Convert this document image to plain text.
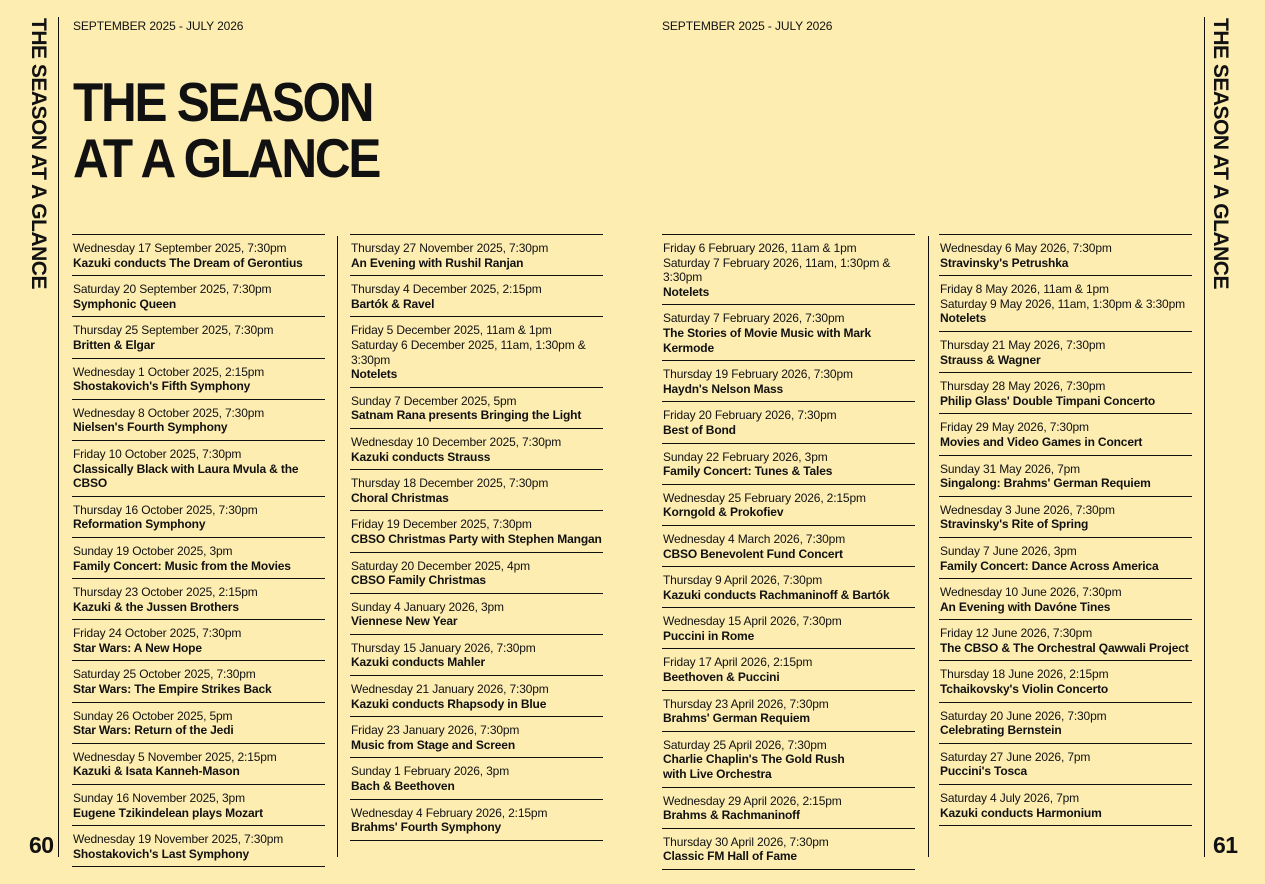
THE SEASON AT A GLANCE
60
SEPTEMBER 2025 - JULY 2026
THE SEASON
AT A GLANCE
Wednesday 17 September 2025, 7:30pm
Kazuki conducts The Dream of Gerontius
Saturday 20 September 2025, 7:30pm
Symphonic Queen
Thursday 25 September 2025, 7:30pm
Britten & Elgar
Wednesday 1 October 2025, 2:15pm
Shostakovich's Fifth Symphony
Wednesday 8 October 2025, 7:30pm
Nielsen's Fourth Symphony
Friday 10 October 2025, 7:30pm
Classically Black with Laura Mvula & the CBSO
Thursday 16 October 2025, 7:30pm
Reformation Symphony
Sunday 19 October 2025, 3pm
Family Concert: Music from the Movies
Thursday 23 October 2025, 2:15pm
Kazuki & the Jussen Brothers
Friday 24 October 2025, 7:30pm
Star Wars: A New Hope
Saturday 25 October 2025, 7:30pm
Star Wars: The Empire Strikes Back
Sunday 26 October 2025, 5pm
Star Wars: Return of the Jedi
Wednesday 5 November 2025, 2:15pm
Kazuki & Isata Kanneh-Mason
Sunday 16 November 2025, 3pm
Eugene Tzikindelean plays Mozart
Wednesday 19 November 2025, 7:30pm
Shostakovich's Last Symphony
Thursday 27 November 2025, 7:30pm
An Evening with Rushil Ranjan
Thursday 4 December 2025, 2:15pm
Bartók & Ravel
Friday 5 December 2025, 11am & 1pm
Saturday 6 December 2025, 11am, 1:30pm & 3:30pm
Notelets
Sunday 7 December 2025, 5pm
Satnam Rana presents Bringing the Light
Wednesday 10 December 2025, 7:30pm
Kazuki conducts Strauss
Thursday 18 December 2025, 7:30pm
Choral Christmas
Friday 19 December 2025, 7:30pm
CBSO Christmas Party with Stephen Mangan
Saturday 20 December 2025, 4pm
CBSO Family Christmas
Sunday 4 January 2026, 3pm
Viennese New Year
Thursday 15 January 2026, 7:30pm
Kazuki conducts Mahler
Wednesday 21 January 2026, 7:30pm
Kazuki conducts Rhapsody in Blue
Friday 23 January 2026, 7:30pm
Music from Stage and Screen
Sunday 1 February 2026, 3pm
Bach & Beethoven
Wednesday 4 February 2026, 2:15pm
Brahms' Fourth Symphony
SEPTEMBER 2025 - JULY 2026
Friday 6 February 2026, 11am & 1pm
Saturday 7 February 2026, 11am, 1:30pm & 3:30pm
Notelets
Saturday 7 February 2026, 7:30pm
The Stories of Movie Music with Mark Kermode
Thursday 19 February 2026, 7:30pm
Haydn's Nelson Mass
Friday 20 February 2026, 7:30pm
Best of Bond
Sunday 22 February 2026, 3pm
Family Concert: Tunes & Tales
Wednesday 25 February 2026, 2:15pm
Korngold & Prokofiev
Wednesday 4 March 2026, 7:30pm
CBSO Benevolent Fund Concert
Thursday 9 April 2026, 7:30pm
Kazuki conducts Rachmaninoff & Bartók
Wednesday 15 April 2026, 7:30pm
Puccini in Rome
Friday 17 April 2026, 2:15pm
Beethoven & Puccini
Thursday 23 April 2026, 7:30pm
Brahms' German Requiem
Saturday 25 April 2026, 7:30pm
Charlie Chaplin's The Gold Rush
with Live Orchestra
Wednesday 29 April 2026, 2:15pm
Brahms & Rachmaninoff
Thursday 30 April 2026, 7:30pm
Classic FM Hall of Fame
Wednesday 6 May 2026, 7:30pm
Stravinsky's Petrushka
Friday 8 May 2026, 11am & 1pm
Saturday 9 May 2026, 11am, 1:30pm & 3:30pm
Notelets
Thursday 21 May 2026, 7:30pm
Strauss & Wagner
Thursday 28 May 2026, 7:30pm
Philip Glass' Double Timpani Concerto
Friday 29 May 2026, 7:30pm
Movies and Video Games in Concert
Sunday 31 May 2026, 7pm
Singalong: Brahms' German Requiem
Wednesday 3 June 2026, 7:30pm
Stravinsky's Rite of Spring
Sunday 7 June 2026, 3pm
Family Concert: Dance Across America
Wednesday 10 June 2026, 7:30pm
An Evening with Davóne Tines
Friday 12 June 2026, 7:30pm
The CBSO & The Orchestral Qawwali Project
Thursday 18 June 2026, 2:15pm
Tchaikovsky's Violin Concerto
Saturday 20 June 2026, 7:30pm
Celebrating Bernstein
Saturday 27 June 2026, 7pm
Puccini's Tosca
Saturday 4 July 2026, 7pm
Kazuki conducts Harmonium
THE SEASON AT A GLANCE
61
